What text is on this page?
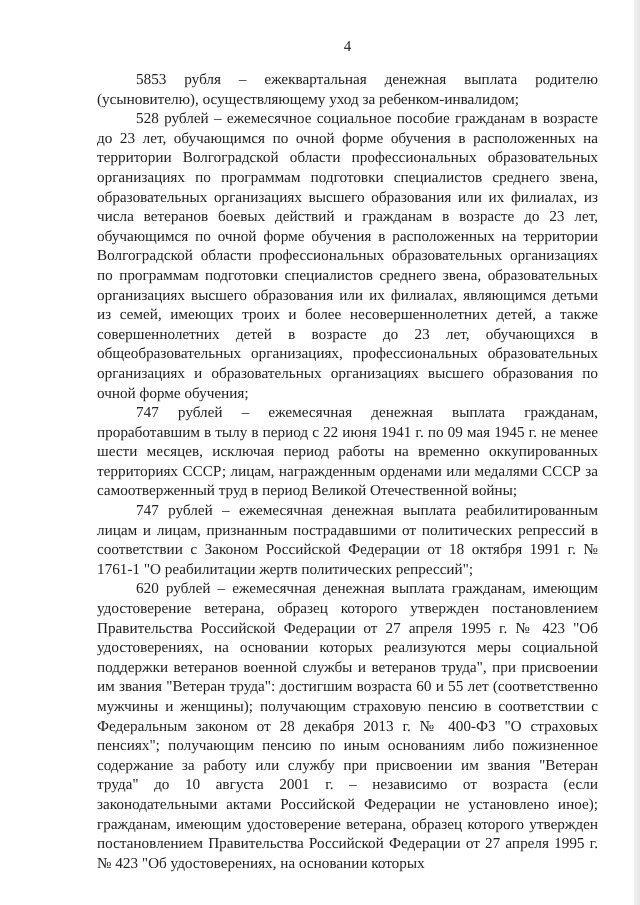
4

5853 рубля – ежеквартальная денежная выплата родителю (усыновителю), осуществляющему уход за ребенком-инвалидом;

528 рублей – ежемесячное социальное пособие гражданам в возрасте до 23 лет, обучающимся по очной форме обучения в расположенных на территории Волгоградской области профессиональных образовательных организациях по программам подготовки специалистов среднего звена, образовательных организациях высшего образования или их филиалах, из числа ветеранов боевых действий и гражданам в возрасте до 23 лет, обучающимся по очной форме обучения в расположенных на территории Волгоградской области профессиональных образовательных организациях по программам подготовки специалистов среднего звена, образовательных организациях высшего образования или их филиалах, являющимся детьми из семей, имеющих троих и более несовершеннолетних детей, а также совершеннолетних детей в возрасте до 23 лет, обучающихся в общеобразовательных организациях, профессиональных образовательных организациях и образовательных организациях высшего образования по очной форме обучения;

747 рублей – ежемесячная денежная выплата гражданам, проработавшим в тылу в период с 22 июня 1941 г. по 09 мая 1945 г. не менее шести месяцев, исключая период работы на временно оккупированных территориях СССР; лицам, награжденным орденами или медалями СССР за самоотверженный труд в период Великой Отечественной войны;

747 рублей – ежемесячная денежная выплата реабилитированным лицам и лицам, признанным пострадавшими от политических репрессий в соответствии с Законом Российской Федерации от 18 октября 1991 г. № 1761-1 "О реабилитации жертв политических репрессий";

620 рублей – ежемесячная денежная выплата гражданам, имеющим удостоверение ветерана, образец которого утвержден постановлением Правительства Российской Федерации от 27 апреля 1995 г. № 423 "Об удостоверениях, на основании которых реализуются меры социальной поддержки ветеранов военной службы и ветеранов труда", при присвоении им звания "Ветеран труда": достигшим возраста 60 и 55 лет (соответственно мужчины и женщины); получающим страховую пенсию в соответствии с Федеральным законом от 28 декабря 2013 г. № 400-ФЗ "О страховых пенсиях"; получающим пенсию по иным основаниям либо пожизненное содержание за работу или службу при присвоении им звания "Ветеран труда" до 10 августа 2001 г. – независимо от возраста (если законодательными актами Российской Федерации не установлено иное); гражданам, имеющим удостоверение ветерана, образец которого утвержден постановлением Правительства Российской Федерации от 27 апреля 1995 г. № 423 "Об удостоверениях, на основании которых
